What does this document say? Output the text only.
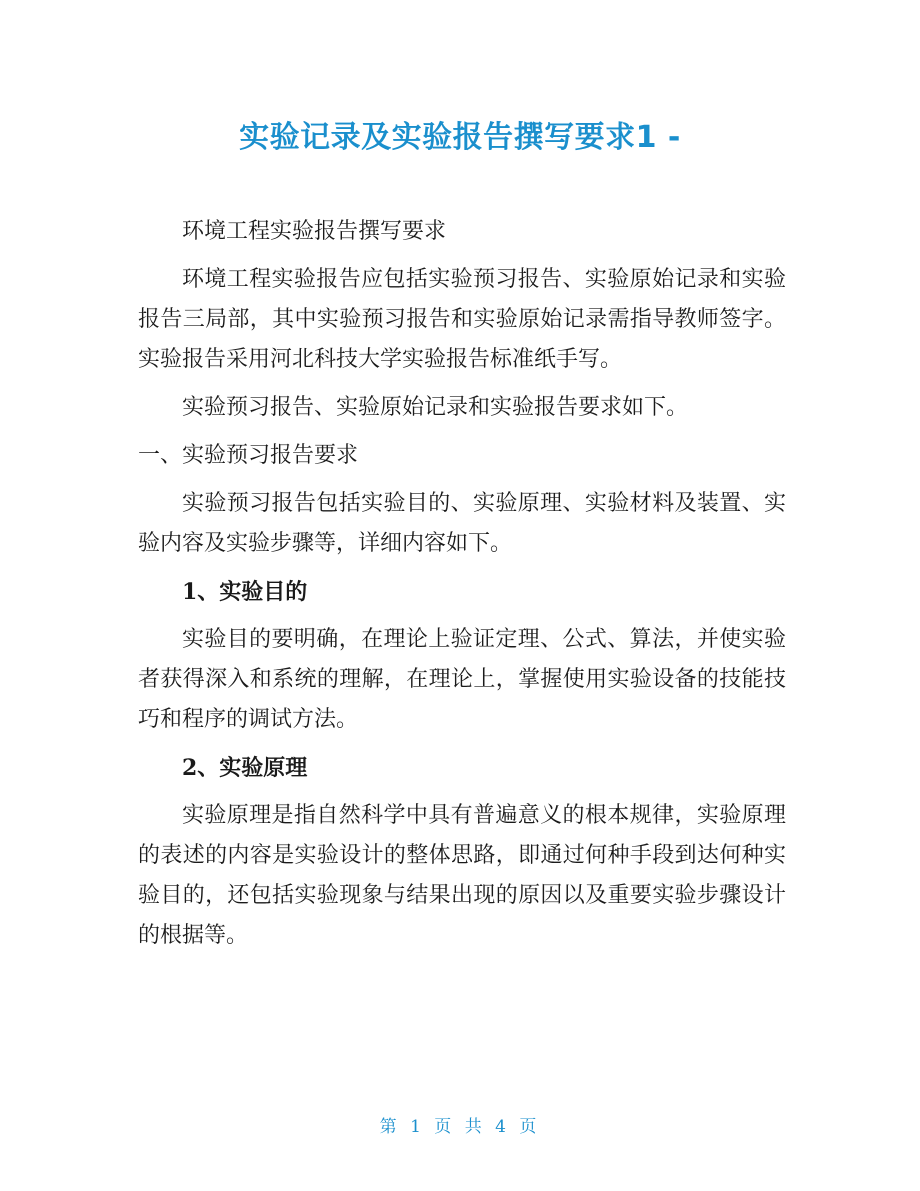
实验记录及实验报告撰写要求1 -
环境工程实验报告撰写要求
环境工程实验报告应包括实验预习报告、实验原始记录和实验报告三局部，其中实验预习报告和实验原始记录需指导教师签字。实验报告采用河北科技大学实验报告标准纸手写。
实验预习报告、实验原始记录和实验报告要求如下。
一、实验预习报告要求
实验预习报告包括实验目的、实验原理、实验材料及装置、实验内容及实验步骤等，详细内容如下。
1、实验目的
实验目的要明确，在理论上验证定理、公式、算法，并使实验者获得深入和系统的理解，在理论上，掌握使用实验设备的技能技巧和程序的调试方法。
2、实验原理
实验原理是指自然科学中具有普遍意义的根本规律，实验原理的表述的内容是实验设计的整体思路，即通过何种手段到达何种实验目的，还包括实验现象与结果出现的原因以及重要实验步骤设计的根据等。
第 1 页 共 4 页
